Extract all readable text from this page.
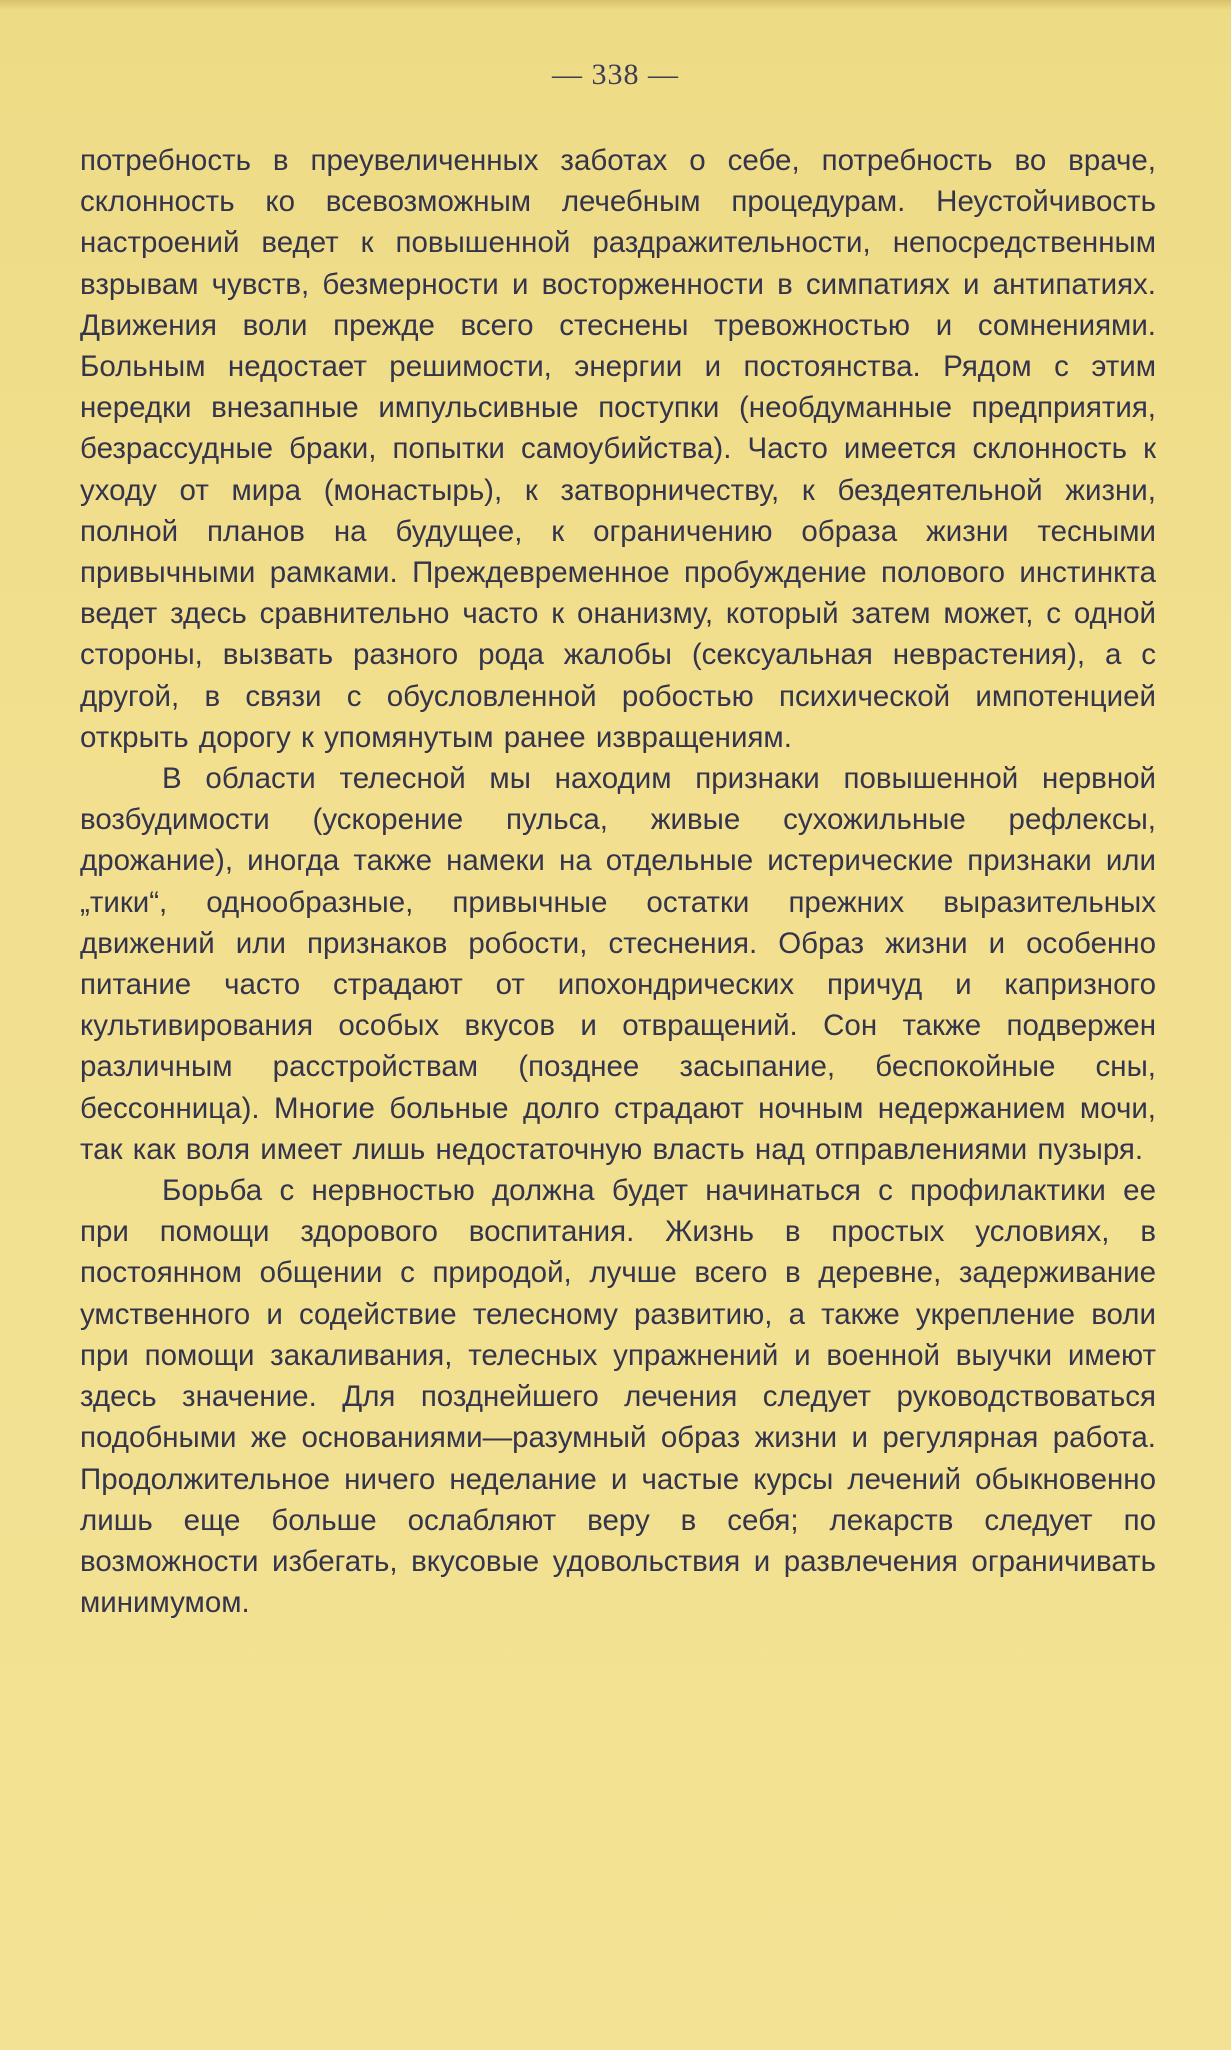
— 338 —

потребность в преувеличенных заботах о себе, потребность во враче, склонность ко всевозможным лечебным процедурам. Неустойчивость настроений ведет к повышенной раздражительности, непосредственным взрывам чувств, безмерности и восторженности в симпатиях и антипатиях. Движения воли прежде всего стеснены тревожностью и сомнениями. Больным недостает решимости, энергии и постоянства. Рядом с этим нередки внезапные импульсивные поступки (необдуманные предприятия, безрассудные браки, попытки самоубийства). Часто имеется склонность к уходу от мира (монастырь), к затворничеству, к бездеятельной жизни, полной планов на будущее, к ограничению образа жизни тесными привычными рамками. Преждевременное пробуждение полового инстинкта ведет здесь сравнительно часто к онанизму, который затем может, с одной стороны, вызвать разного рода жалобы (сексуальная неврастения), а с другой, в связи с обусловленной робостью психической импотенцией открыть дорогу к упомянутым ранее извращениям.

В области телесной мы находим признаки повышенной нервной возбудимости (ускорение пульса, живые сухожильные рефлексы, дрожание), иногда также намеки на отдельные истерические признаки или „тики“, однообразные, привычные остатки прежних выразительных движений или признаков робости, стеснения. Образ жизни и особенно питание часто страдают от ипохондрических причуд и капризного культивирования особых вкусов и отвращений. Сон также подвержен различным расстройствам (позднее засыпание, беспокойные сны, бессонница). Многие больные долго страдают ночным недержанием мочи, так как воля имеет лишь недостаточную власть над отправлениями пузыря.

Борьба с нервностью должна будет начинаться с профилактики ее при помощи здорового воспитания. Жизнь в простых условиях, в постоянном общении с природой, лучше всего в деревне, задерживание умственного и содействие телесному развитию, а также укрепление воли при помощи закаливания, телесных упражнений и военной выучки имеют здесь значение. Для позднейшего лечения следует руководствоваться подобными же основаниями—разумный образ жизни и регулярная работа. Продолжительное ничего неделание и частые курсы лечений обыкновенно лишь еще больше ослабляют веру в себя; лекарств следует по возможности избегать, вкусовые удовольствия и развлечения ограничивать минимумом.
